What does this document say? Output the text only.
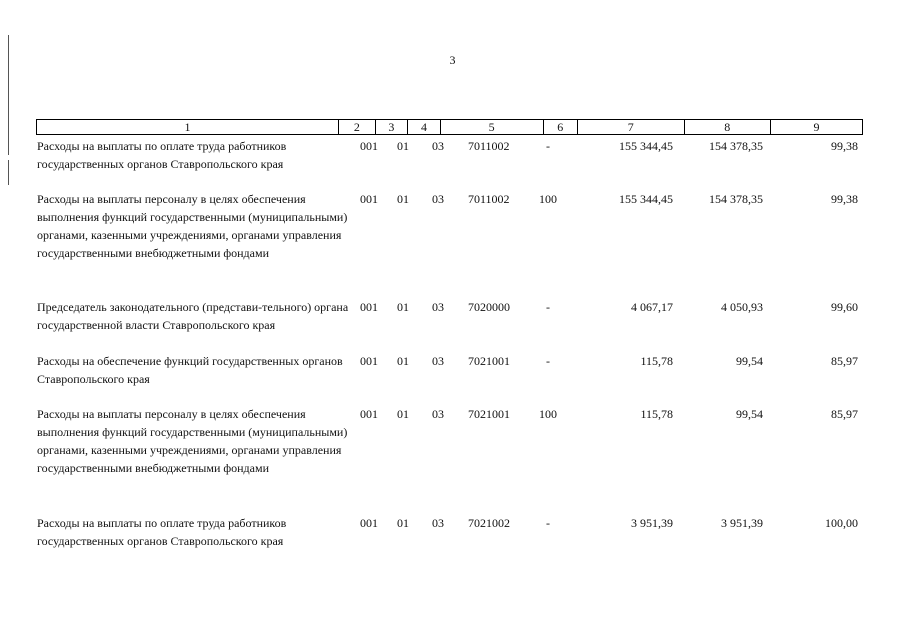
3
1	2	3	4	5	6	7	8	9
Расходы на выплаты по оплате труда работников государственных органов Ставропольского края
001 01 03 7011002	-	155 344,45	154 378,35	99,38
Расходы на выплаты персоналу в целях обеспечения выполнения функций государственными (муниципальными) органами, казенными учреждениями, органами управления государственными внебюджетными фондами
001 01 03 7011002	100	155 344,45	154 378,35	99,38
Председатель законодательного (представи-тельного) органа государственной власти Ставропольского края
001 01 03 7020000	-	4 067,17	4 050,93	99,60
Расходы на обеспечение функций государственных органов Ставропольского края
001 01 03 7021001	-	115,78	99,54	85,97
Расходы на выплаты персоналу в целях обеспечения выполнения функций государственными (муниципальными) органами, казенными учреждениями, органами управления государственными внебюджетными фондами
001 01 03 7021001	100	115,78	99,54	85,97
Расходы на выплаты по оплате труда работников государственных органов Ставропольского края
001 01 03 7021002	-	3 951,39	3 951,39	100,00
